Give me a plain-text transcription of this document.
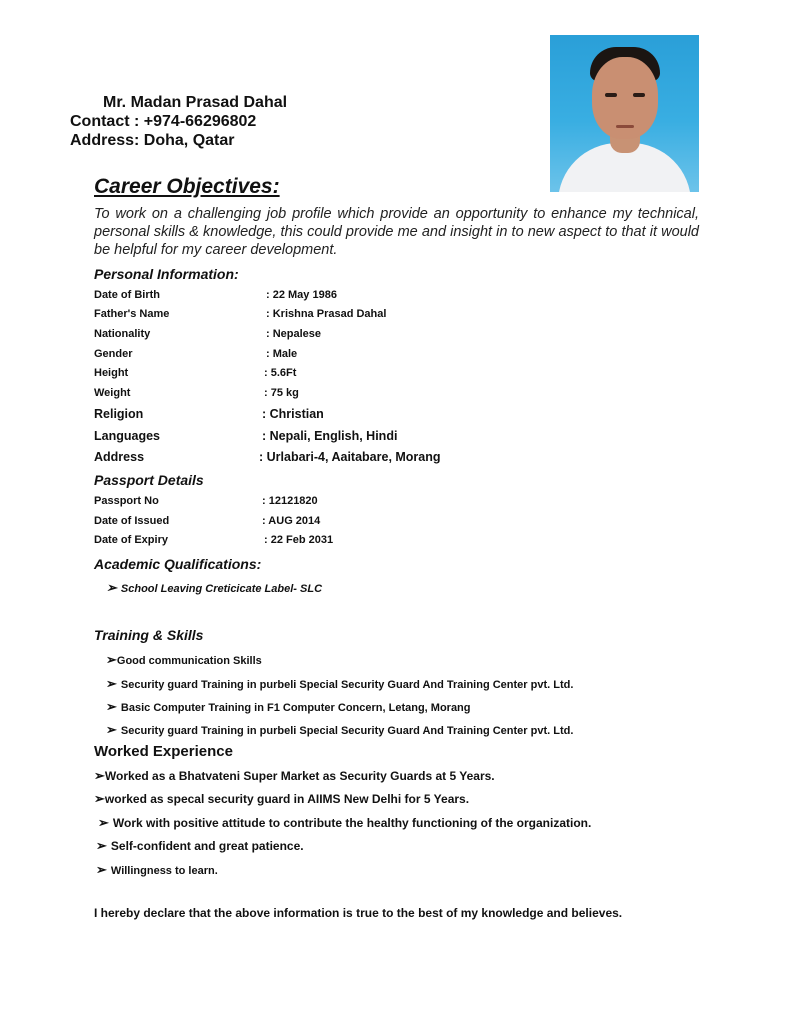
Mr. Madan Prasad Dahal
Contact : +974-66296802
Address: Doha, Qatar
Career Objectives:
To work on a challenging job profile which provide an opportunity to enhance my technical, personal skills & knowledge, this could provide me and insight in to new aspect to that it would be helpful for my career development.
Personal Information:
Date of Birth	: 22 May 1986
Father's Name	: Krishna Prasad Dahal
Nationality	: Nepalese
Gender	: Male
Height	: 5.6Ft
Weight	: 75 kg
Religion	: Christian
Languages	: Nepali, English, Hindi
Address	: Urlabari-4, Aaitabare, Morang
Passport Details
Passport No	: 12121820
Date of Issued	: AUG 2014
Date of Expiry	: 22 Feb 2031
Academic Qualifications:
➢ School Leaving Creticicate Label- SLC
Training & Skills
➢Good communication Skills
➢ Security guard Training in purbeli Special Security Guard And Training Center pvt. Ltd.
➢ Basic Computer Training in F1 Computer Concern, Letang, Morang
➢ Security guard Training in purbeli Special Security Guard And Training Center pvt. Ltd.
Worked Experience
➢Worked as a Bhatvateni Super Market as Security Guards at 5 Years.
➢worked as specal security guard in AIIMS New Delhi for 5 Years.
➢ Work with positive attitude to contribute the healthy functioning of the organization.
➢ Self-confident and great patience.
➢ Willingness to learn.
I hereby declare that the above information is true to the best of my knowledge and believes.
